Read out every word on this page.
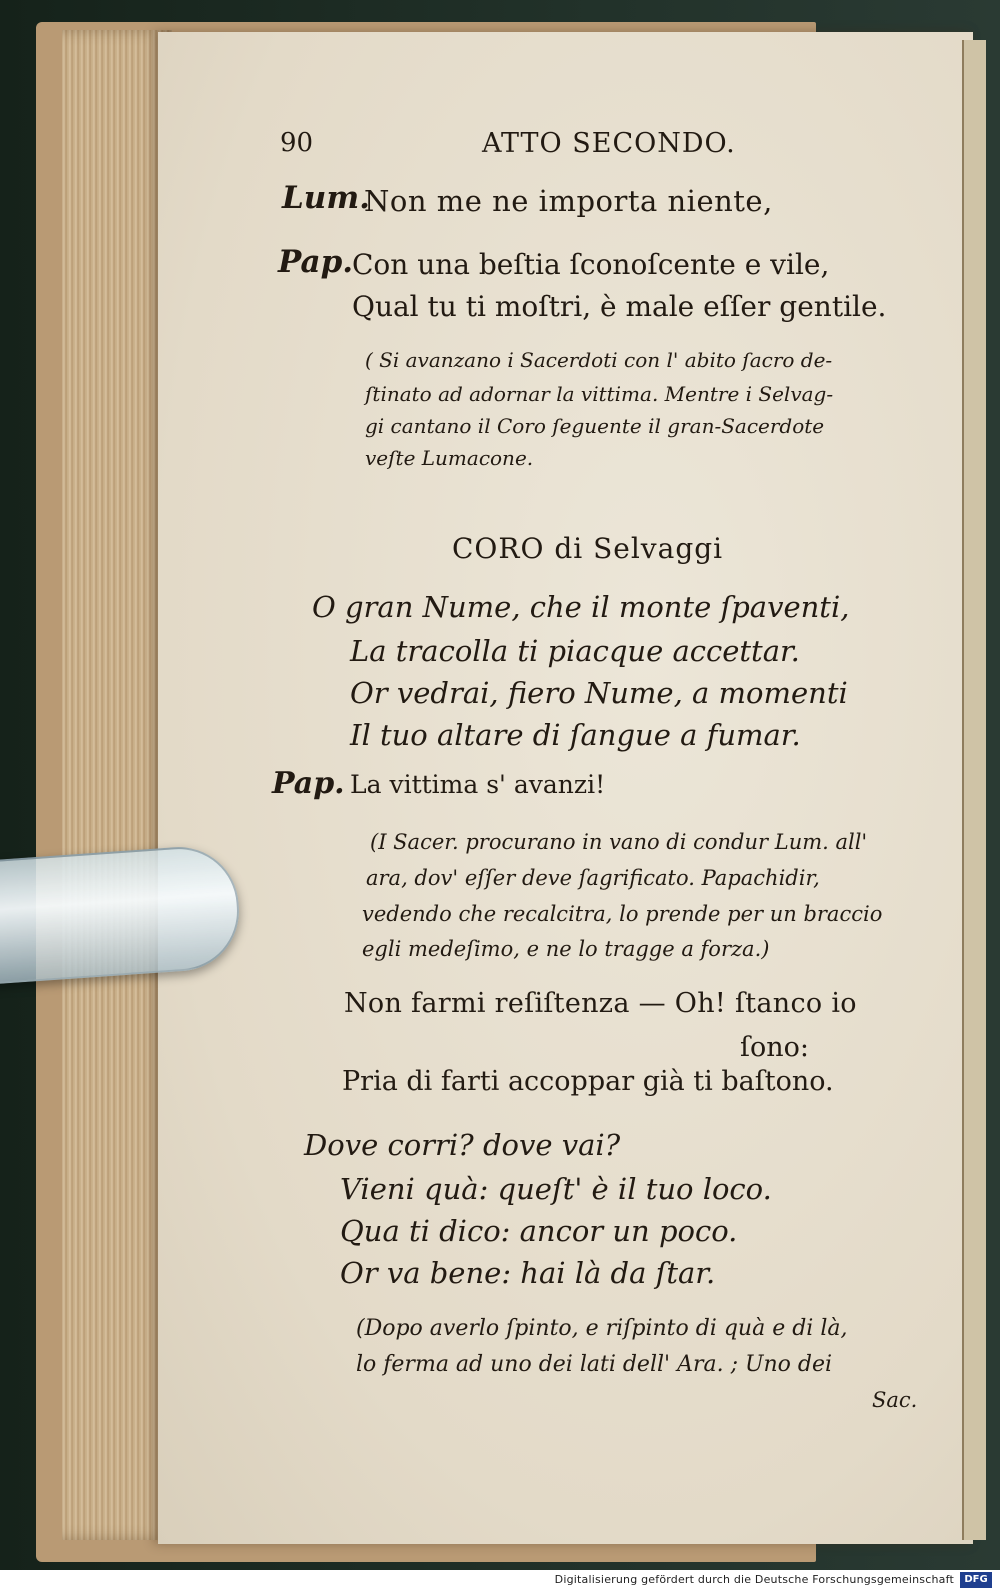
90	ATTO SECONDO.
Lum.
Non me ne importa niente,
Pap.
Con una beſtia ſconoſcente e vile,
Qual tu ti moſtri, è male eſſer gentile.
( Si avanzano i Sacerdoti con l' abito ſacro de-
ſtinato ad adornar la vittima. Mentre i Selvag-
gi cantano il Coro ſeguente il gran-Sacerdote
veſte Lumacone.
CORO di Selvaggi
O gran Nume, che il monte ſpaventi,
La tracolla ti piacque accettar.
Or vedrai, fiero Nume, a momenti
Il tuo altare di ſangue a fumar.
Pap. La vittima s' avanzi!
(I Sacer. procurano in vano di condur Lum. all'
ara, dov' eſſer deve ſagrificato. Papachidir,
vedendo che recalcitra, lo prende per un braccio
egli medeſimo, e ne lo tragge a forza.)
Non farmi reſiſtenza — Oh! ſtanco io
ſono:
Pria di farti accoppar già ti baſtono.
Dove corri? dove vai?
Vieni quà: queſt' è il tuo loco.
Qua ti dico: ancor un poco.
Or va bene: hai là da ſtar.
(Dopo averlo ſpinto, e riſpinto di quà e di là,
lo ferma ad uno dei lati dell' Ara. ; Uno dei
Sac.
Digitalisierung gefördert durch die Deutsche Forschungsgemeinschaft	DFG
